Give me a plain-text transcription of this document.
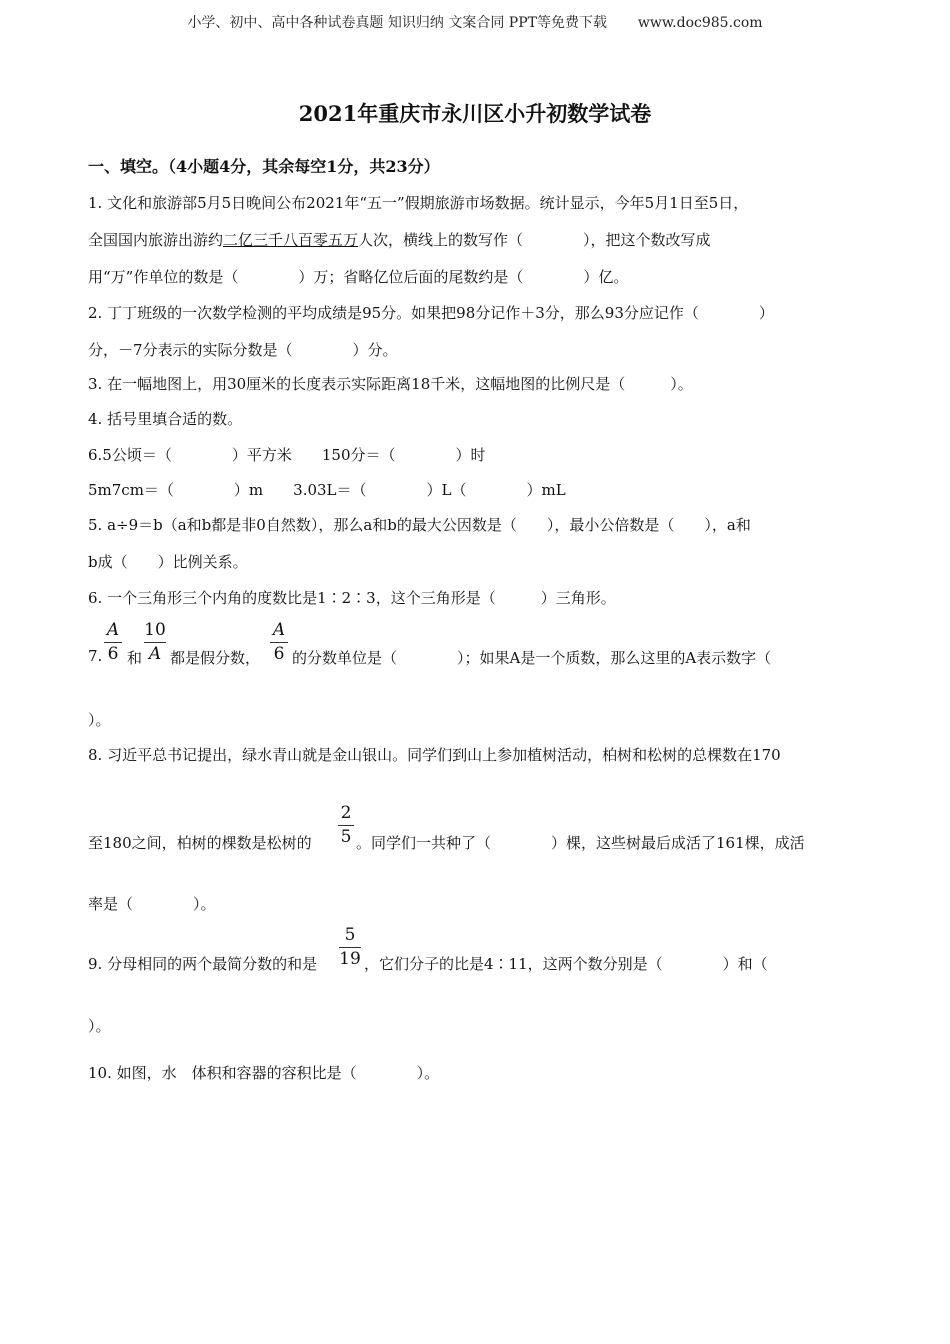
小学、初中、高中各种试卷真题 知识归纳 文案合同 PPT等免费下载 www.doc985.com
2021年重庆市永川区小升初数学试卷
一、填空。（4小题4分，其余每空1分，共23分）
1. 文化和旅游部5月5日晚间公布2021年“五一”假期旅游市场数据。统计显示，今年5月1日至5日，
全国国内旅游出游约二亿三千八百零五万人次，横线上的数写作（　　　　），把这个数改写成
用“万”作单位的数是（　　　　）万；省略亿位后面的尾数约是（　　　　）亿。
2. 丁丁班级的一次数学检测的平均成绩是95分。如果把98分记作＋3分，那么93分应记作（　　　　）
分，－7分表示的实际分数是（　　　　）分。
3. 在一幅地图上，用30厘米的长度表示实际距离18千米，这幅地图的比例尺是（　　　）。
4. 括号里填合适的数。
6.5公顷＝（　　　　）平方米　　150分＝（　　　　）时
5m7cm＝（　　　　）m　　3.03L＝（　　　　）L（　　　　）mL
5. a÷9＝b（a和b都是非0自然数），那么a和b的最大公因数是（　　），最小公倍数是（　　），a和
b成（　　）比例关系。
6. 一个三角形三个内角的度数比是1∶2∶3，这个三角形是（　　　）三角形。
7.
A
6 和
10
A 都是假分数，
A
6 的分数单位是（　　　　）；如果A是一个质数，那么这里的A表示数字（
）。
8. 习近平总书记提出，绿水青山就是金山银山。同学们到山上参加植树活动，柏树和松树的总棵数在170
至180之间，柏树的棵数是松树的
2
5 。同学们一共种了（　　　　）棵，这些树最后成活了161棵，成活
率是（　　　　）。
9. 分母相同的两个最简分数的和是
5
19 ，它们分子的比是4∶11，这两个数分别是（　　　　）和（
）。
10. 如图，水　体积和容器的容积比是（　　　　）。
